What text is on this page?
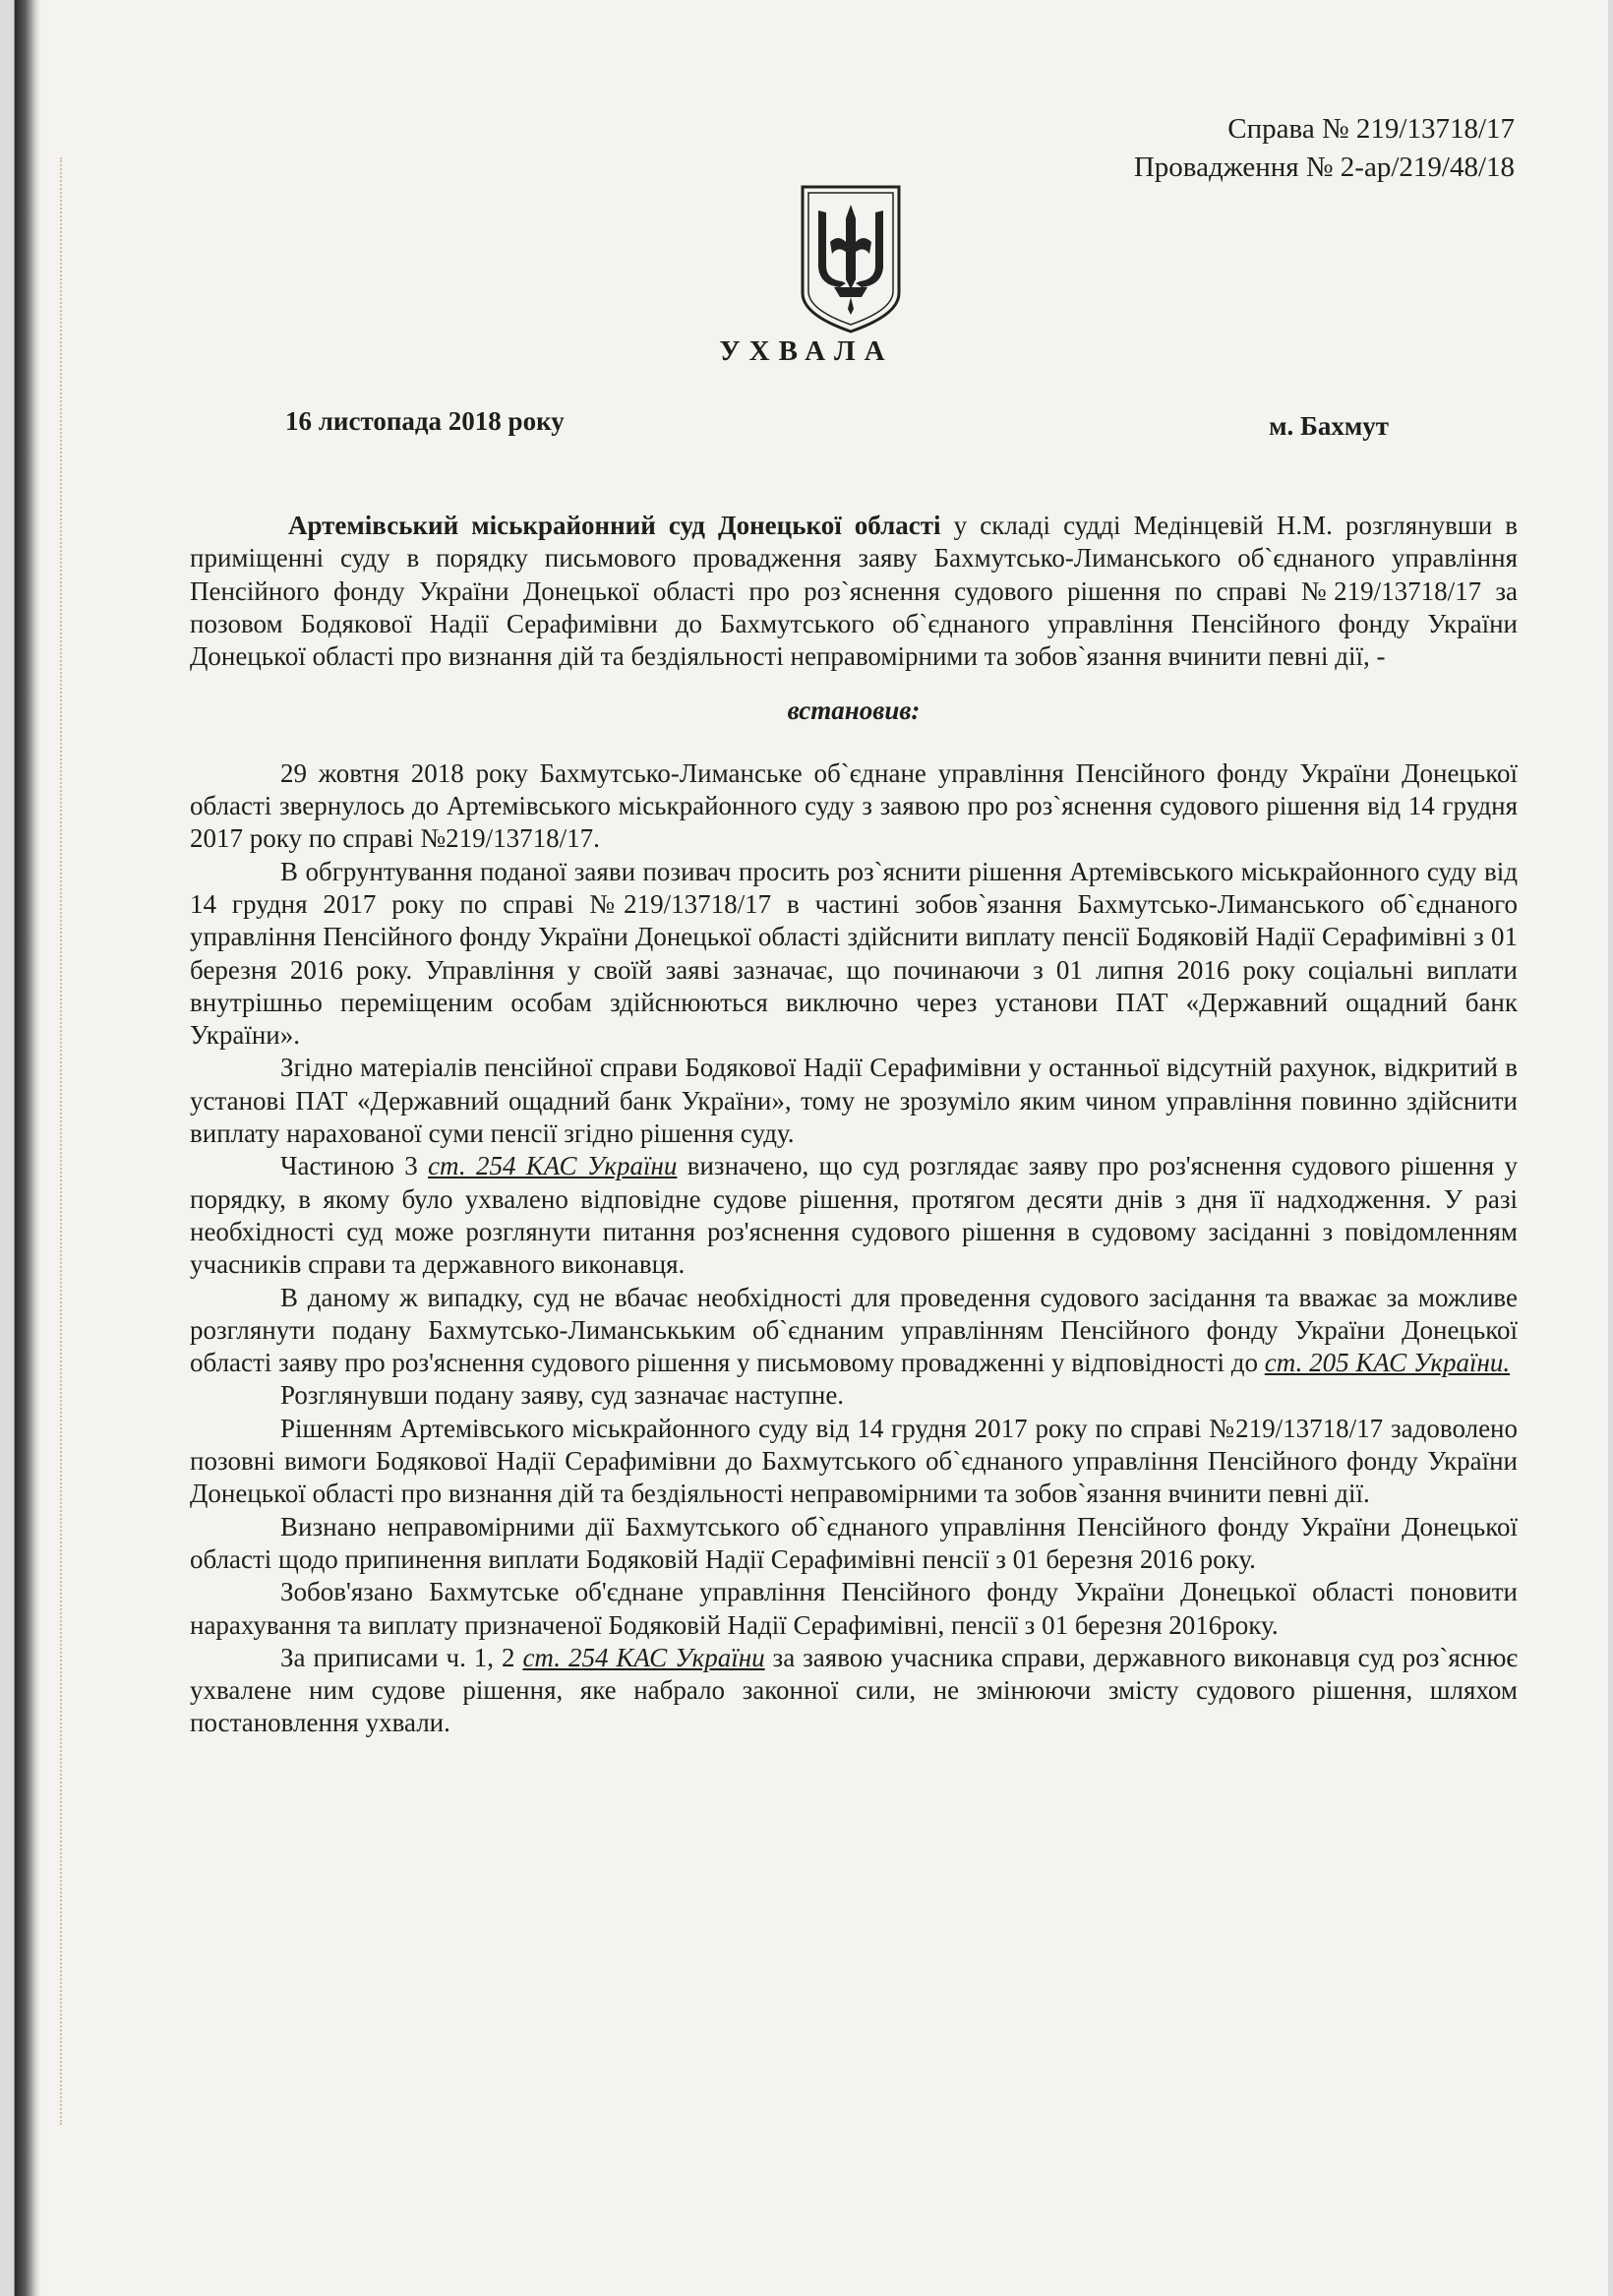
Справа № 219/13718/17
Провадження № 2-ар/219/48/18
УХВАЛА
16 листопада 2018 року	м. Бахмут

Артемівський міськрайонний суд Донецької області у складі судді Медінцевій Н.М. розглянувши в приміщенні суду в порядку письмового провадження заяву Бахмутсько-Лиманського об`єднаного управління Пенсійного фонду України Донецької області про роз`яснення судового рішення по справі №219/13718/17 за позовом Бодякової Надії Серафимівни до Бахмутського об`єднаного управління Пенсійного фонду України Донецької області про визнання дій та бездіяльності неправомірними та зобов`язання вчинити певні дії, -

встановив:

29 жовтня 2018 року Бахмутсько-Лиманське об`єднане управління Пенсійного фонду України Донецької області звернулось до Артемівського міськрайонного суду з заявою про роз`яснення судового рішення від 14 грудня 2017 року по справі №219/13718/17.

В обгрунтування поданої заяви позивач просить роз`яснити рішення Артемівського міськрайонного суду від 14 грудня 2017 року по справі №219/13718/17 в частині зобов`язання Бахмутсько-Лиманського об`єднаного управління Пенсійного фонду України Донецької області здійснити виплату пенсії Бодяковій Надії Серафимівні з 01 березня 2016 року. Управління у своїй заяві зазначає, що починаючи з 01 липня 2016 року соціальні виплати внутрішньо переміщеним особам здійснюються виключно через установи ПАТ «Державний ощадний банк України».

Згідно матеріалів пенсійної справи Бодякової Надії Серафимівни у останньої відсутній рахунок, відкритий в установі ПАТ «Державний ощадний банк України», тому не зрозуміло яким чином управління повинно здійснити виплату нарахованої суми пенсії згідно рішення суду.

Частиною 3 ст. 254 КАС України визначено, що суд розглядає заяву про роз'яснення судового рішення у порядку, в якому було ухвалено відповідне судове рішення, протягом десяти днів з дня її надходження. У разі необхідності суд може розглянути питання роз'яснення судового рішення в судовому засіданні з повідомленням учасників справи та державного виконавця.

В даному ж випадку, суд не вбачає необхідності для проведення судового засідання та вважає за можливе розглянути подану Бахмутсько-Лиманськьким об`єднаним управлінням Пенсійного фонду України Донецької області заяву про роз'яснення судового рішення у письмовому провадженні у відповідності до ст. 205 КАС України.

Розглянувши подану заяву, суд зазначає наступне.

Рішенням Артемівського міськрайонного суду від 14 грудня 2017 року по справі №219/13718/17 задоволено позовні вимоги Бодякової Надії Серафимівни до Бахмутського об`єднаного управління Пенсійного фонду України Донецької області про визнання дій та бездіяльності неправомірними та зобов`язання вчинити певні дії.

Визнано неправомірними дії Бахмутського об`єднаного управління Пенсійного фонду України Донецької області щодо припинення виплати Бодяковій Надії Серафимівні пенсії з 01 березня 2016 року.

Зобов'язано Бахмутське об'єднане управління Пенсійного фонду України Донецької області поновити нарахування та виплату призначеної Бодяковій Надії Серафимівні, пенсії з 01 березня 2016року.

За приписами ч. 1, 2 ст. 254 КАС України за заявою учасника справи, державного виконавця суд роз`яснює ухвалене ним судове рішення, яке набрало законної сили, не змінюючи змісту судового рішення, шляхом постановлення ухвали.
